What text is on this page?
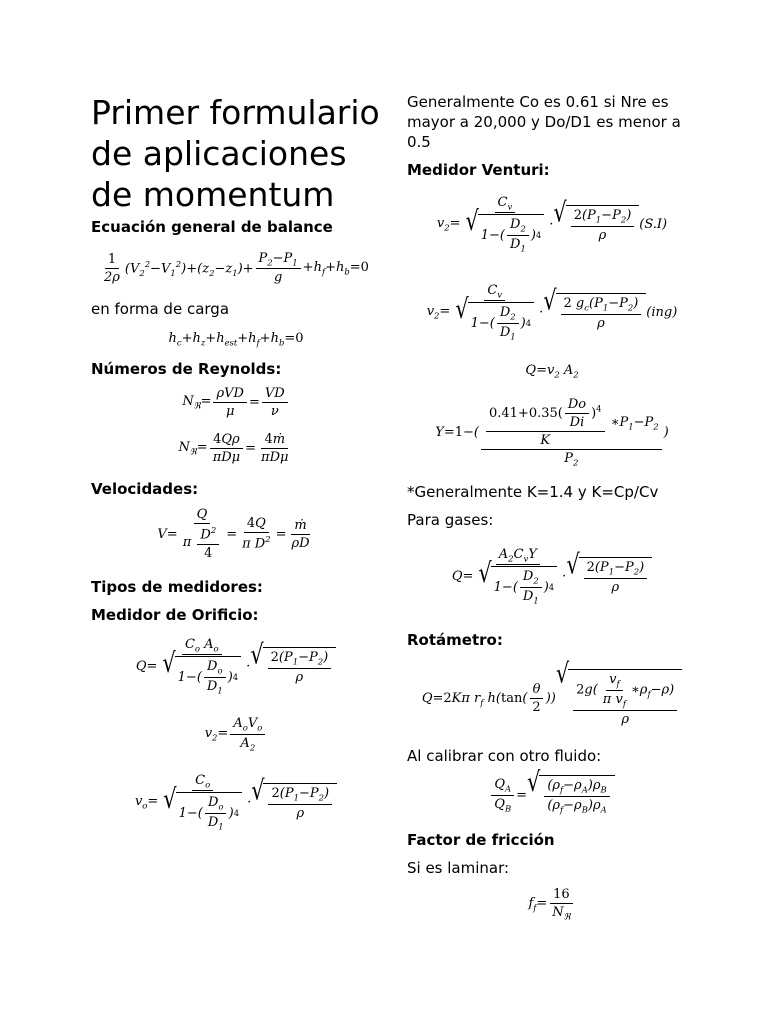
Primer formulario de aplicaciones de momentum

Ecuación general de balance

$\frac{1}{2\rho} (V_2^2-V_1^2)+(z_2-z_1)+ \frac{P_2-P_1}{g} +h_f+h_b=0$

en forma de carga

$h_c+h_z+h_{est}+h_f+h_b=0$

Números de Reynolds:

$N_ℜ= \frac{\text{ρVD}}{\mu} = \frac{VD}{\nu}$
$N_ℜ= \frac{4Q\rho}{\text{πDμ}} = \frac{\text{4ṁ}}{\text{πDμ}}$

Velocidades:

$V= \frac{Q}{\pi \frac{D^2}{4}} = \frac{4Q}{\pi D^2} = \frac{\text{ṁ}}{\rho D}$

Tipos de medidores:

Medidor de Orificio:

$Q= \frac{C_o A_o}{√ 1-( \frac{D_o}{D_1} ) 4}$ · √ $\frac{2(P_1-P_2)}{\rho}$
$v_2= \frac{A_oV_o}{A_2}$
$v_o= \frac{C_o}{√ 1-( \frac{D_o}{D_1} ) 4}$ · √ $\frac{2(P_1-P_2)}{\rho}$

Generalmente Co es 0.61 si Nre es mayor a 20,000 y Do/D1 es menor a 0.5

Medidor Venturi:

$v_2= \frac{C_v}{√ 1-( \frac{D_2}{D_1} ) 4}$ · √ $\frac{2(P_1-P_2)}{\rho} (S.I)$
$v_2= \frac{C_v}{√ 1-( \frac{D_2}{D_1} ) 4}$ · √ $\frac{2 g_c(P_1-P_2)}{\rho} (ing)$
$Q=v_2$ $A_2$
$Y=1-( \frac{\frac{0.41+0.35( \frac{Do}{Di} )^4}{K} ∗P_1-P_2}{P_2}$ )

*Generalmente K=1.4 y K=Cp/Cv

Para gases:

$Q= \frac{A_2C_vY}{√ 1-( \frac{D_2}{D_1} ) 4}$ · √ $\frac{2(P_1-P_2)}{\rho}$

Rotámetro:

Q=2Kπ $r_f$ $h(\tan( \frac{\theta}{2}$ ))
√ $\frac{2g( \frac{v_f}{\pi v_f} ∗\rho_f-\rho)}{\rho}$

Al calibrar con otro fluido:

$\frac{Q_A}{Q_B}$ = √ $\frac{(\rho_f-\rho_A)\rho_B}{(\rho_f-\rho_B)\rho_A}$

Factor de fricción

Si es laminar:

$f_f= \frac{16}{N_ℜ}$
